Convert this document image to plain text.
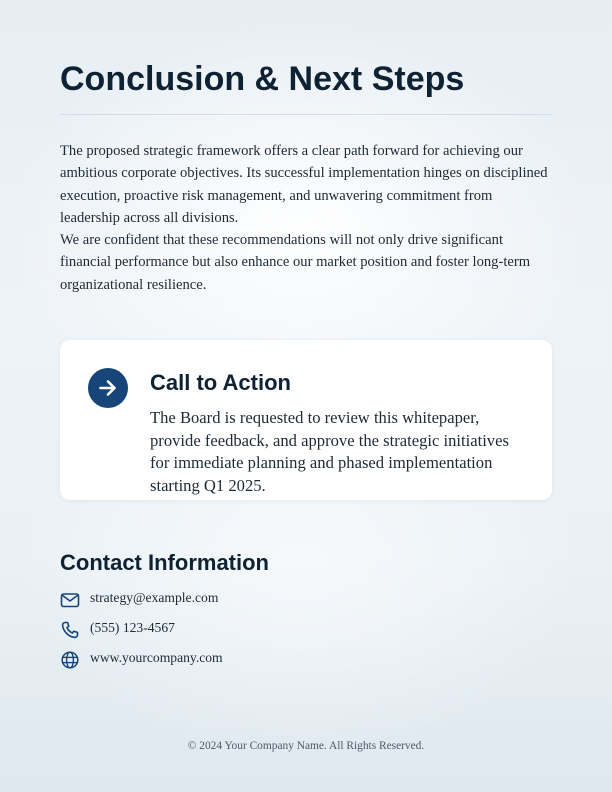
Conclusion & Next Steps

The proposed strategic framework offers a clear path forward for achieving our ambitious corporate objectives. Its successful implementation hinges on disciplined execution, proactive risk management, and unwavering commitment from leadership across all divisions.

We are confident that these recommendations will not only drive significant financial performance but also enhance our market position and foster long-term organizational resilience.

Call to Action

The Board is requested to review this whitepaper, provide feedback, and approve the strategic initiatives for immediate planning and phased implementation starting Q1 2025.

Contact Information
strategy@example.com
(555) 123-4567
www.yourcompany.com
© 2024 Your Company Name. All Rights Reserved.
